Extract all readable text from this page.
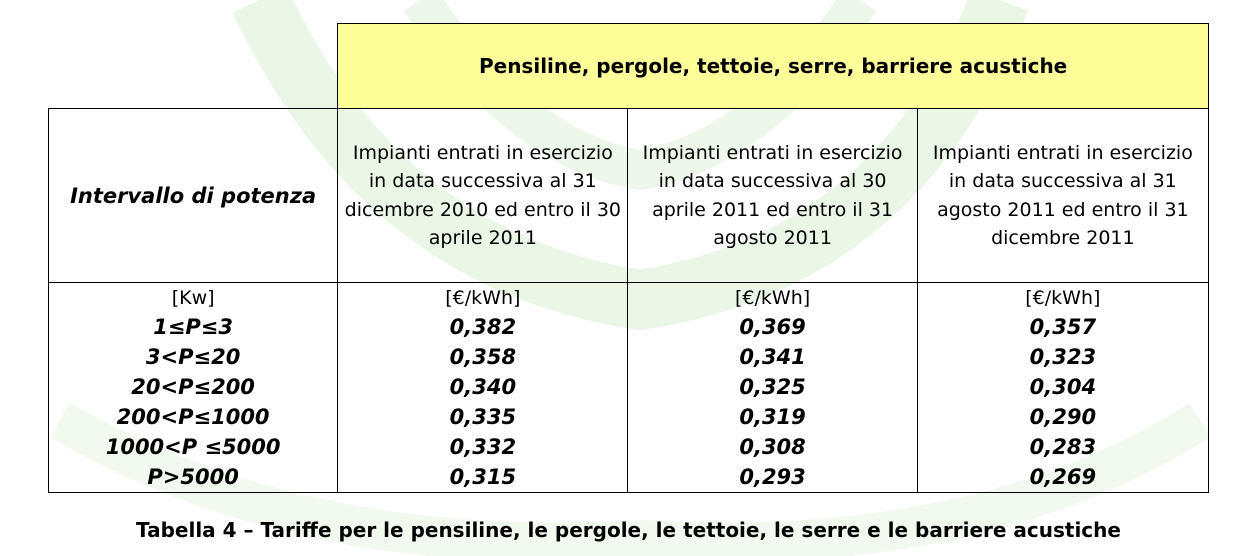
	Pensiline, pergole, tettoie, serre, barriere acustiche		
Intervallo di potenza	Impianti entrati in esercizio in data successiva al 31 dicembre 2010 ed entro il 30 aprile 2011	Impianti entrati in esercizio in data successiva al 30 aprile 2011 ed entro il 31 agosto 2011	Impianti entrati in esercizio in data successiva al 31 agosto 2011 ed entro il 31 dicembre 2011
[Kw]	[€/kWh]	[€/kWh]	[€/kWh]
1≤P≤3	0,382	0,369	0,357
3<P≤20	0,358	0,341	0,323
20<P≤200	0,340	0,325	0,304
200<P≤1000	0,335	0,319	0,290
1000<P ≤5000	0,332	0,308	0,283
P>5000	0,315	0,293	0,269
Tabella 4 – Tariffe per le pensiline, le pergole, le tettoie, le serre e le barriere acustiche
